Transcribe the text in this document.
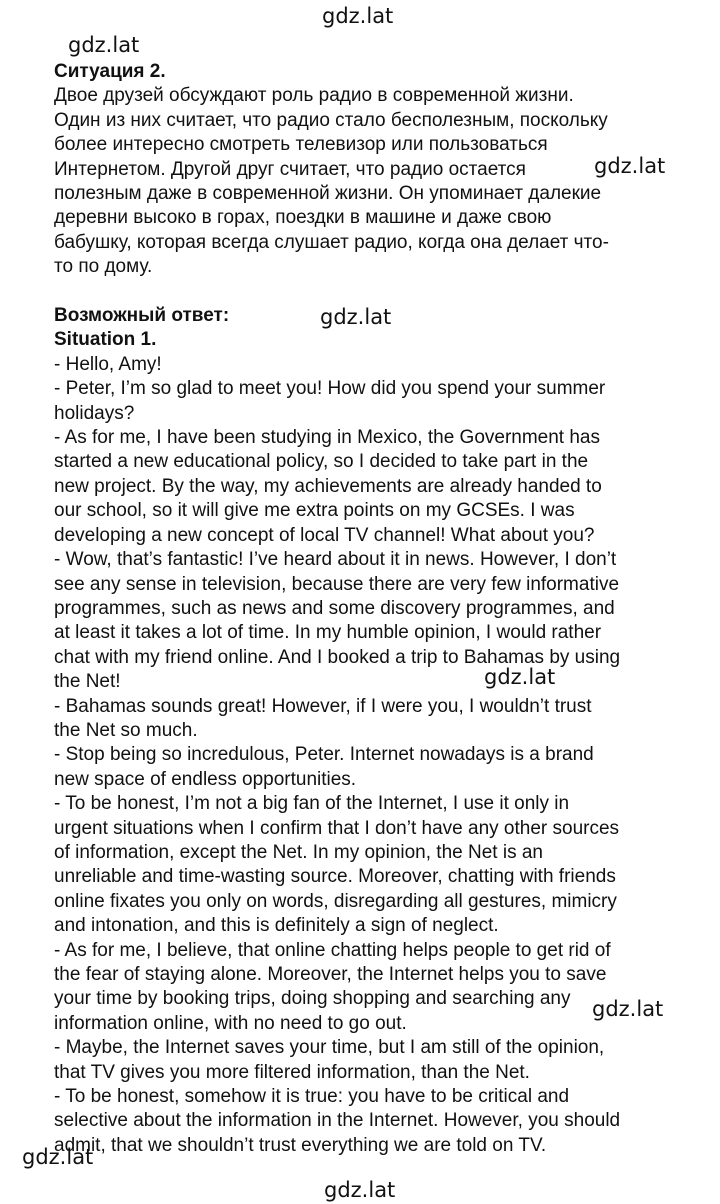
gdz.lat
gdz.lat
gdz.lat
gdz.lat
gdz.lat
gdz.lat
gdz.lat
gdz.lat

Ситуация 2.

Двое друзей обсуждают роль радио в современной жизни.

Один из них считает, что радио стало бесполезным, поскольку

более интересно смотреть телевизор или пользоваться

Интернетом. Другой друг считает, что радио остается

полезным даже в современной жизни. Он упоминает далекие

деревни высоко в горах, поездки в машине и даже свою

бабушку, которая всегда слушает радио, когда она делает что-

то по дому.

Возможный ответ:

Situation 1.

- Hello, Amy!

- Peter, I’m so glad to meet you! How did you spend your summer

holidays?

- As for me, I have been studying in Mexico, the Government has

started a new educational policy, so I decided to take part in the

new project. By the way, my achievements are already handed to

our school, so it will give me extra points on my GCSEs. I was

developing a new concept of local TV channel! What about you?

- Wow, that’s fantastic! I’ve heard about it in news. However, I don’t

see any sense in television, because there are very few informative

programmes, such as news and some discovery programmes, and

at least it takes a lot of time. In my humble opinion, I would rather

chat with my friend online. And I booked a trip to Bahamas by using

the Net!

- Bahamas sounds great! However, if I were you, I wouldn’t trust

the Net so much.

- Stop being so incredulous, Peter. Internet nowadays is a brand

new space of endless opportunities.

- To be honest, I’m not a big fan of the Internet, I use it only in

urgent situations when I confirm that I don’t have any other sources

of information, except the Net. In my opinion, the Net is an

unreliable and time-wasting source. Moreover, chatting with friends

online fixates you only on words, disregarding all gestures, mimicry

and intonation, and this is definitely a sign of neglect.

- As for me, I believe, that online chatting helps people to get rid of

the fear of staying alone. Moreover, the Internet helps you to save

your time by booking trips, doing shopping and searching any

information online, with no need to go out.

- Maybe, the Internet saves your time, but I am still of the opinion,

that TV gives you more filtered information, than the Net.

- To be honest, somehow it is true: you have to be critical and

selective about the information in the Internet. However, you should

admit, that we shouldn’t trust everything we are told on TV.
